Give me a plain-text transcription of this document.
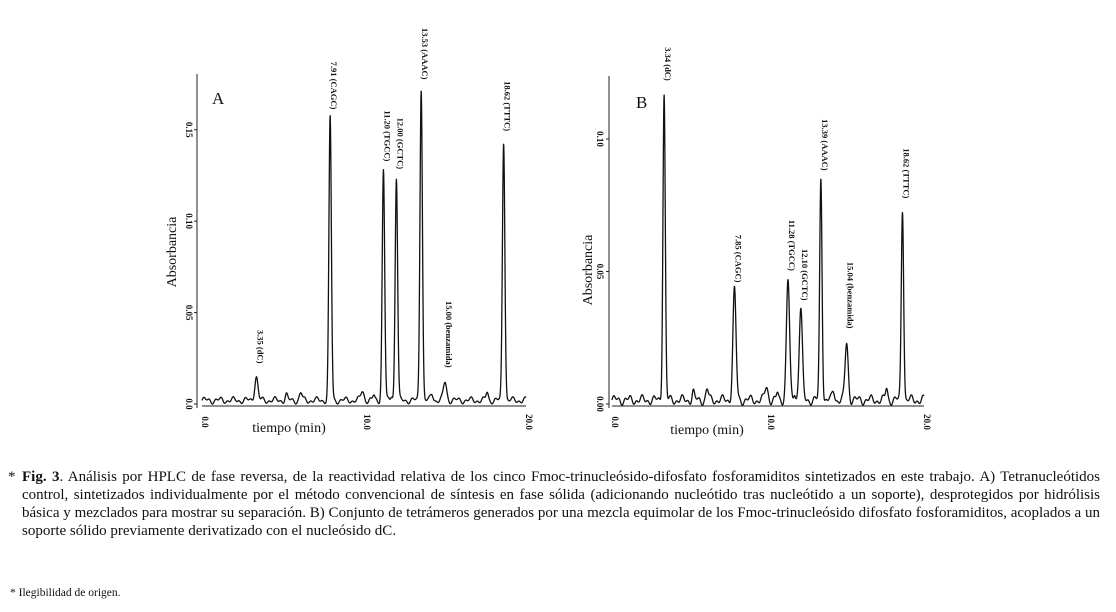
0.0
0.05
0.10
0.15
0.0	10.0	20.0
3.35 (dC)
7.91 (CAGC)
11.20 (TGCC) 12.00 (GCTC)
13.53 (AAAC)
15.00 (benzamida)
18.62 (TTTC)
Absorbancia
tiempo (min)
A
0.00
0.05
0.10
0.0	10.0	20.0
3.34 (dC)
7.85 (CAGC)	11.28 (TGCC)
12.10 (GCTC)
13.39 (AAAC)
15.04 (benzamida)
18.62 (TTTC)
Absorbancia
tiempo (min)
B
* Fig. 3. Análisis por HPLC de fase reversa, de la reactividad relativa de los cinco Fmoc-trinucleósido-difosfato fosforamiditos sintetizados en este trabajo. A) Tetranucleótidos control, sintetizados individualmente por el método convencional de síntesis en fase sólida (adicionando nucleótido tras nucleótido a un soporte), desprotegidos por hidrólisis básica y mezclados para mostrar su separación. B) Conjunto de tetrámeros generados por una mezcla equimolar de los Fmoc-trinucleósido difosfato fosforamiditos, acoplados a un soporte sólido previamente derivatizado con el nucleósido dC.
* Ilegibilidad de origen.
